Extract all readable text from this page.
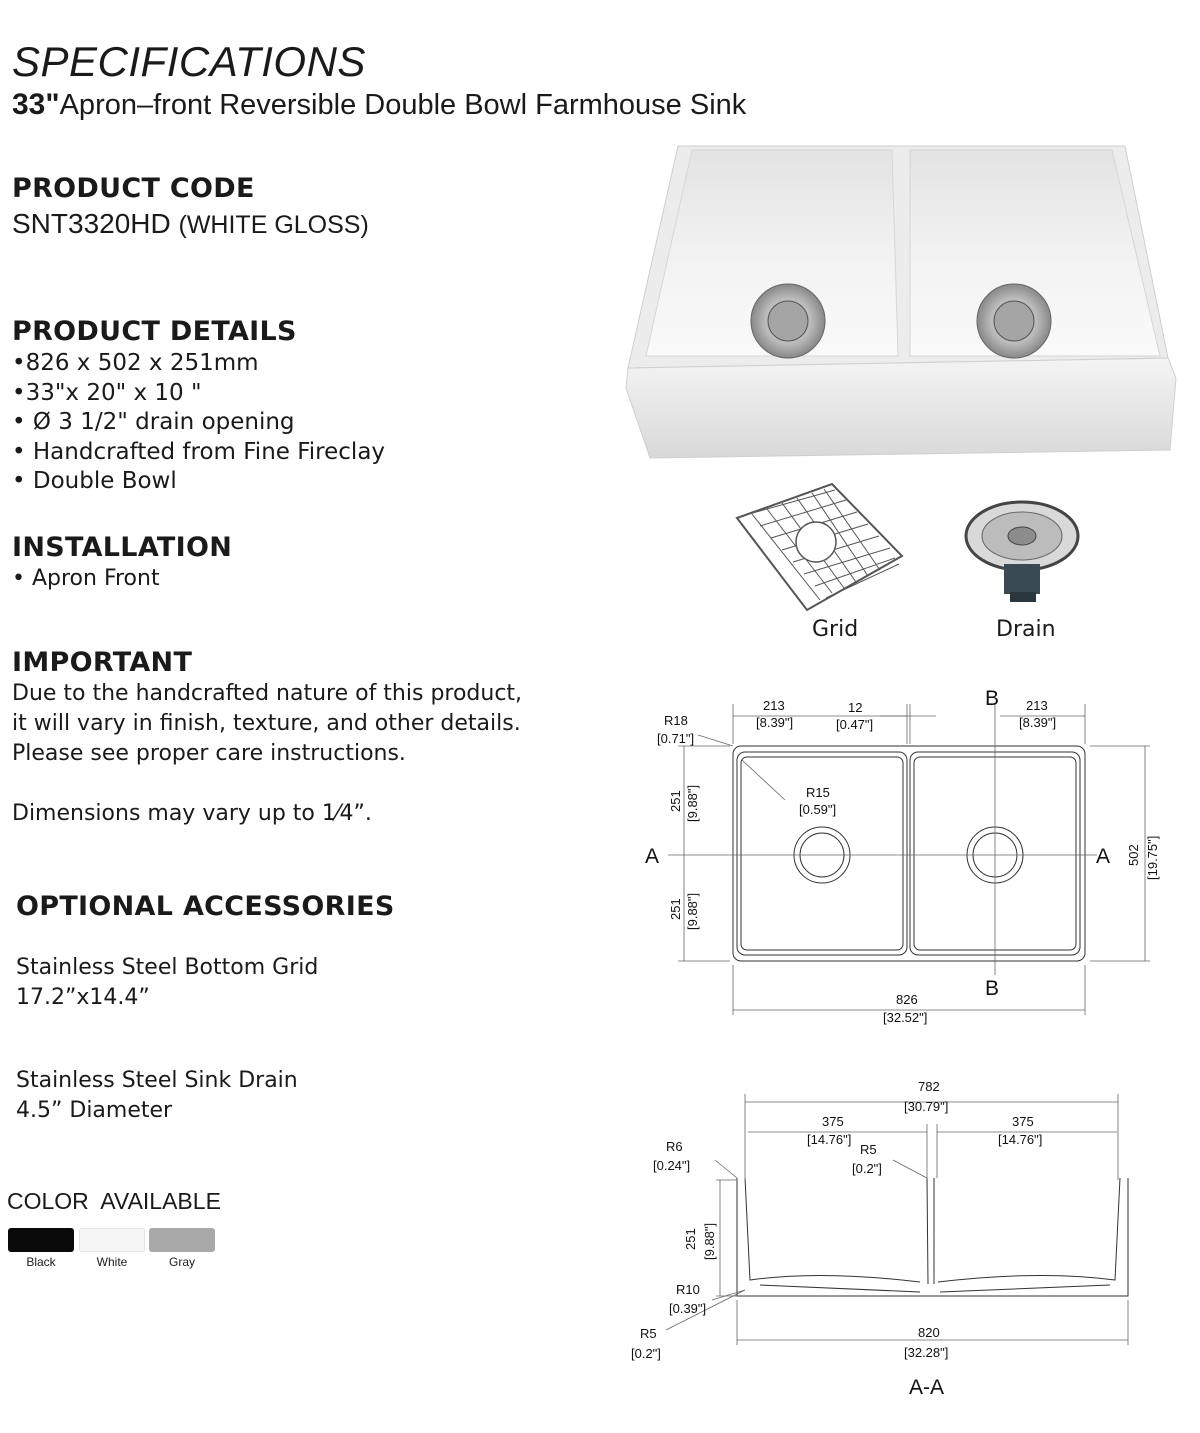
SPECIFICATIONS
33"Apron–front Reversible Double Bowl Farmhouse Sink
PRODUCT CODE
SNT3320HD (WHITE GLOSS)
PRODUCT DETAILS
•826 x 502 x 251mm
•33"x 20" x 10 "
• Ø 3 1/2" drain opening
• Handcrafted from Fine Fireclay
• Double Bowl
INSTALLATION
• Apron Front
IMPORTANT
Due to the handcrafted nature of this product,
it will vary in finish, texture, and other details.
Please see proper care instructions.
Dimensions may vary up to 1⁄4”.
OPTIONAL ACCESSORIES
Stainless Steel Bottom Grid
17.2”x14.4”
Stainless Steel Sink Drain
4.5” Diameter
COLOR  AVAILABLE
Black	White	Gray
Grid	Drain
213
[8.39"]
12
[0.47"]
B 213
[8.39"]
R18
[0.71"]
R15
[0.59"]
251 [9.88"]
251 [9.88"]
A	A 502 [19.75"]
B
826
[32.52"]
782
[30.79"]
375
[14.76"]
375
[14.76"]
R6
[0.24"]
R5
[0.2"]
251 [9.88"]
R10
[0.39"]
R5
[0.2"]
820
[32.28"]
A-A
